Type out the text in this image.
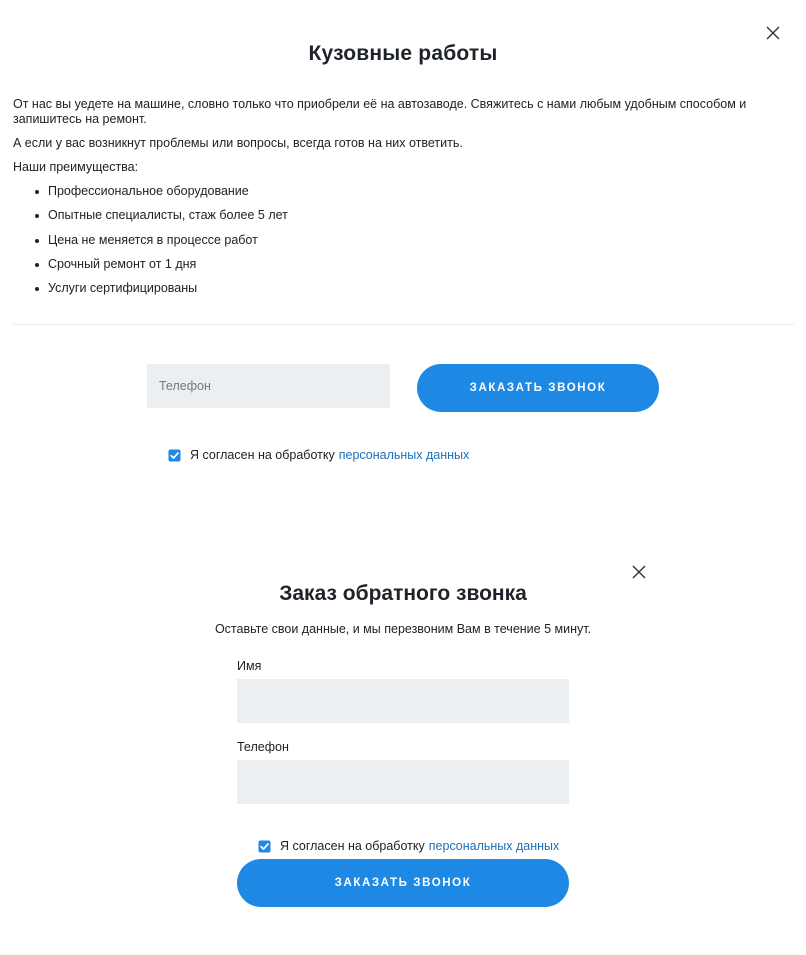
Кузовные работы
От нас вы уедете на машине, словно только что приобрели её на автозаводе. Свяжитесь с нами любым удобным способом и запишитесь на ремонт.
А если у вас возникнут проблемы или вопросы, всегда готов на них ответить.
Наши преимущества:
Профессиональное оборудование
Опытные специалисты, стаж более 5 лет
Цена не меняется в процессе работ
Срочный ремонт от 1 дня
Услуги сертифицированы
Телефон
ЗАКАЗАТЬ ЗВОНОК
Я согласен на обработку персональных данных
Заказ обратного звонка
Оставьте свои данные, и мы перезвоним Вам в течение 5 минут.
Имя
Телефон
Я согласен на обработку персональных данных
ЗАКАЗАТЬ ЗВОНОК
